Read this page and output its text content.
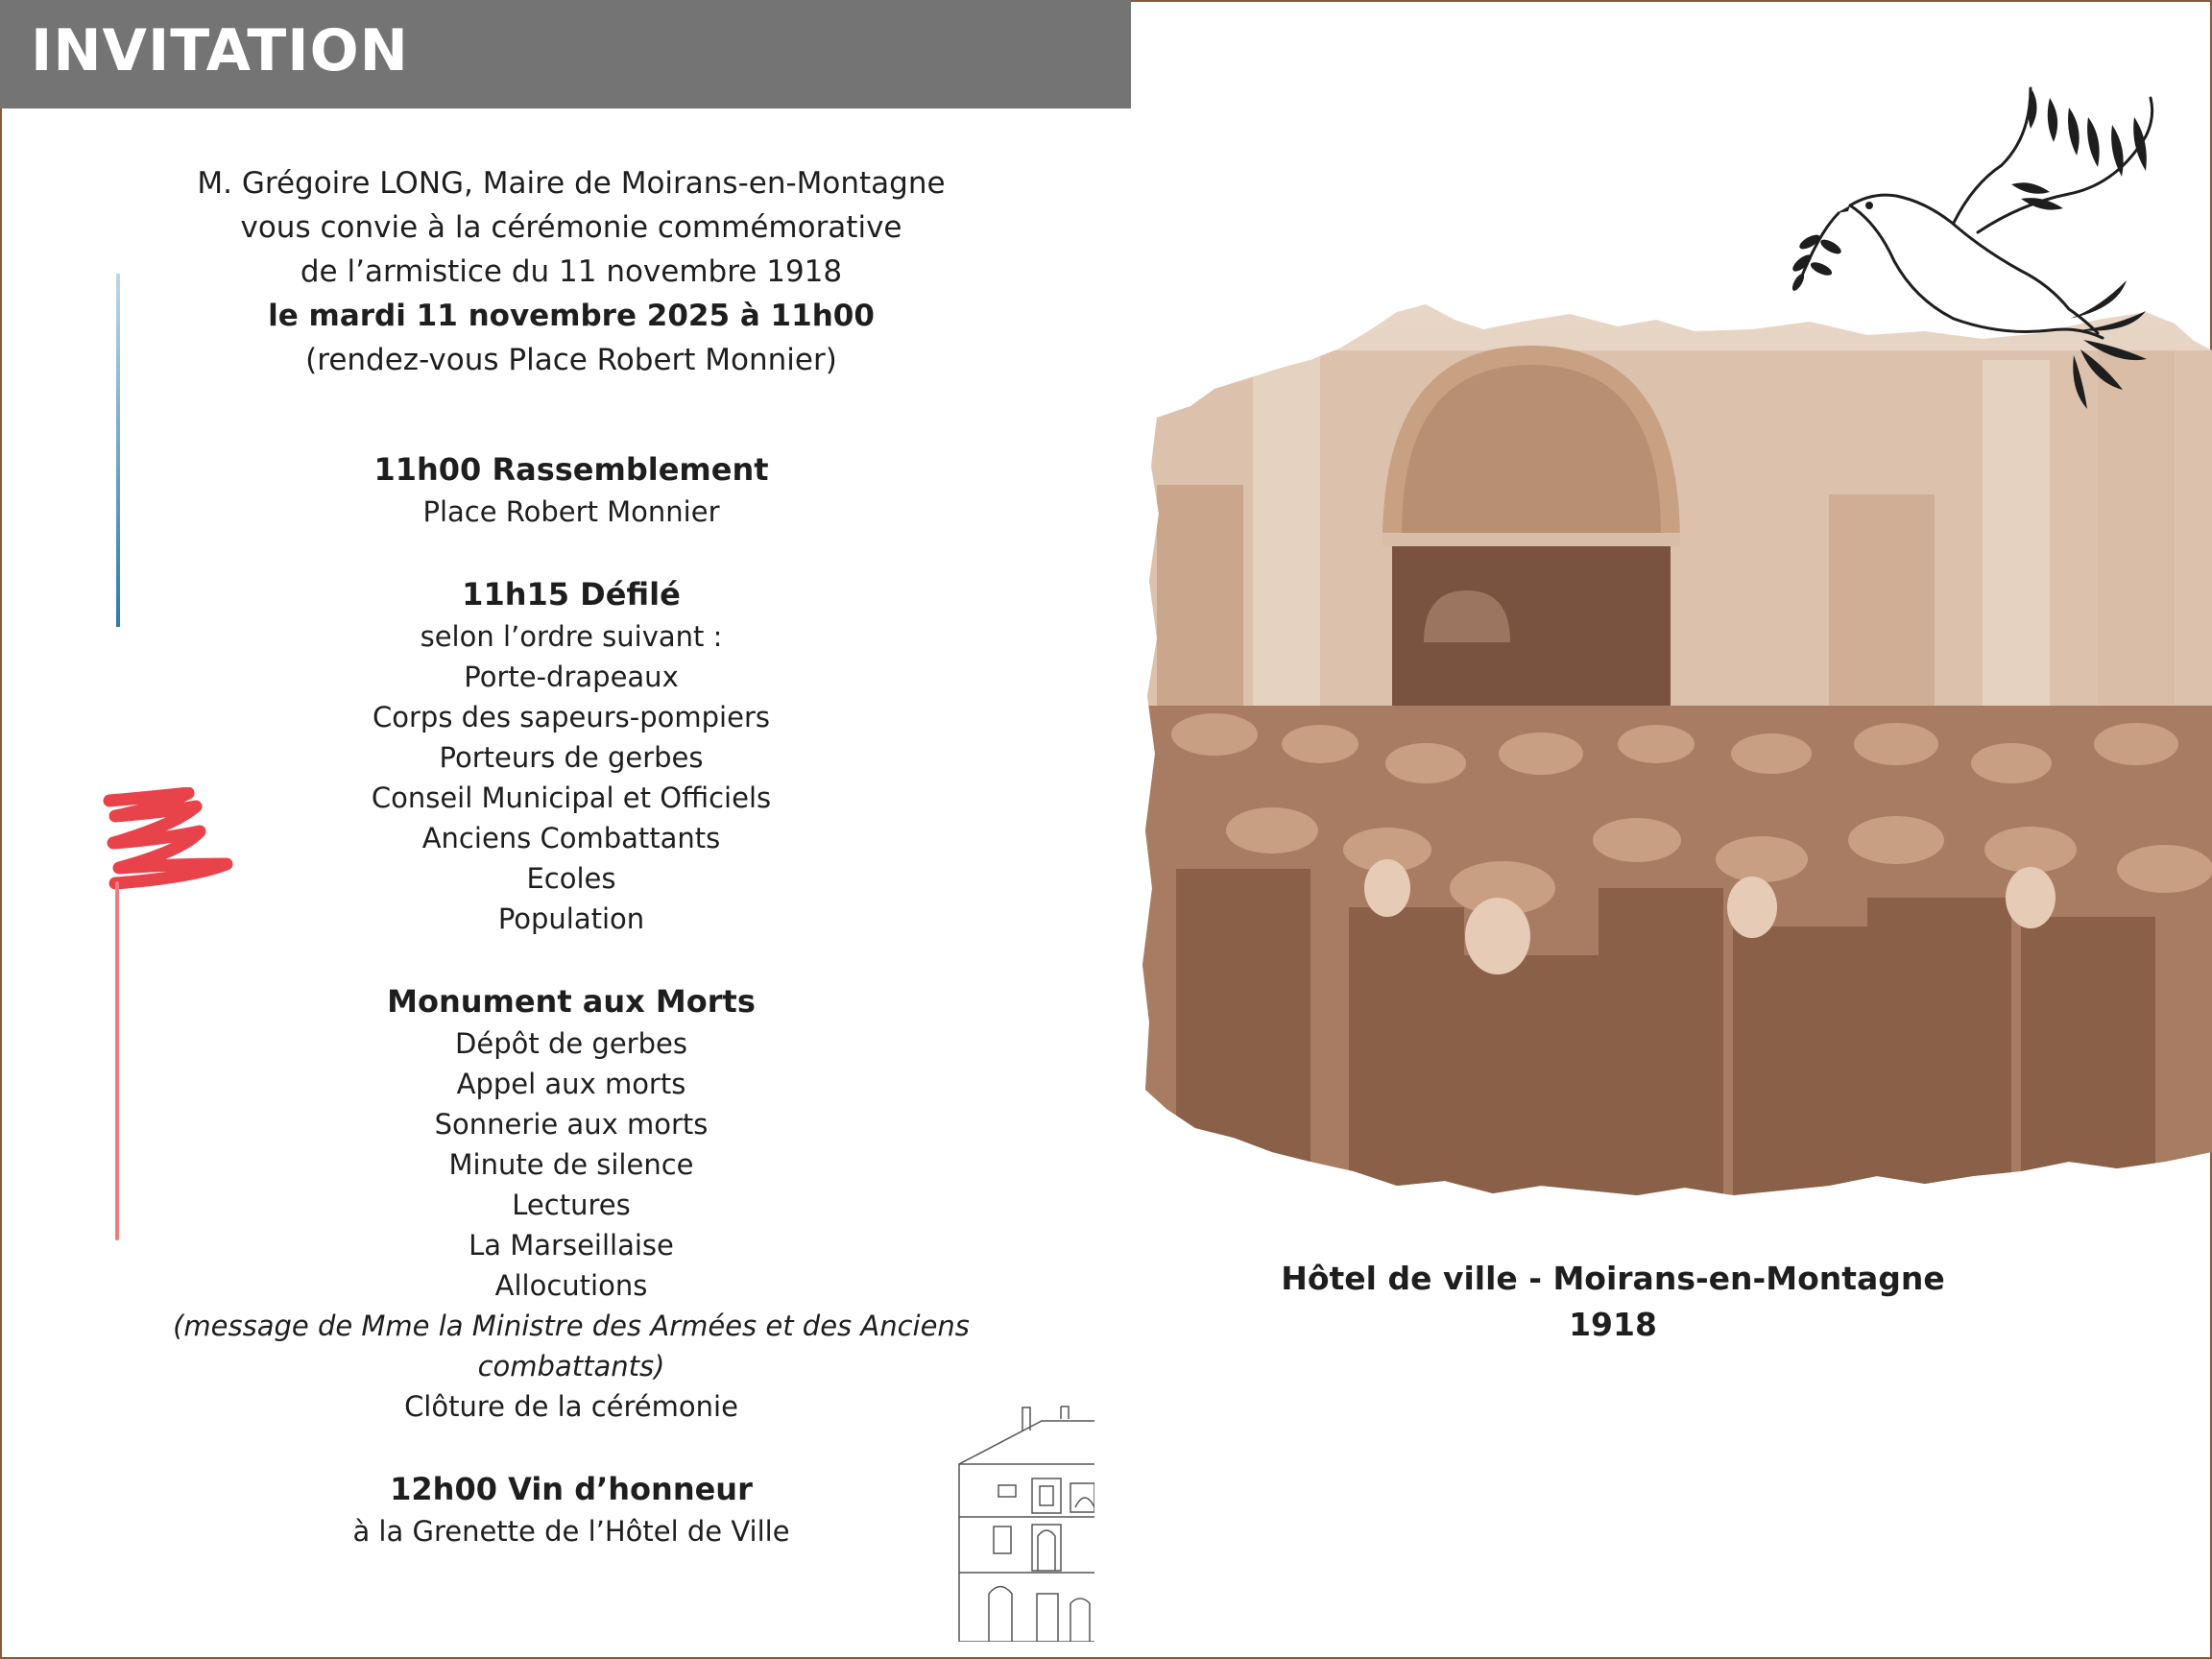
INVITATION

M. Grégoire LONG, Maire de Moirans-en-Montagne

vous convie à la cérémonie commémorative

de l’armistice du 11 novembre 1918

le mardi 11 novembre 2025 à 11h00

(rendez-vous Place Robert Monnier)

11h00 Rassemblement

Place Robert Monnier

11h15 Défilé

selon l’ordre suivant :

Porte-drapeaux

Corps des sapeurs-pompiers

Porteurs de gerbes

Conseil Municipal et Officiels

Anciens Combattants

Ecoles

Population

Monument aux Morts

Dépôt de gerbes

Appel aux morts

Sonnerie aux morts

Minute de silence

Lectures

La Marseillaise

Allocutions

(message de Mme la Ministre des Armées et des Anciens

combattants)

Clôture de la cérémonie

12h00 Vin d’honneur

à la Grenette de l’Hôtel de Ville

Hôtel de ville - Moirans-en-Montagne
1918
